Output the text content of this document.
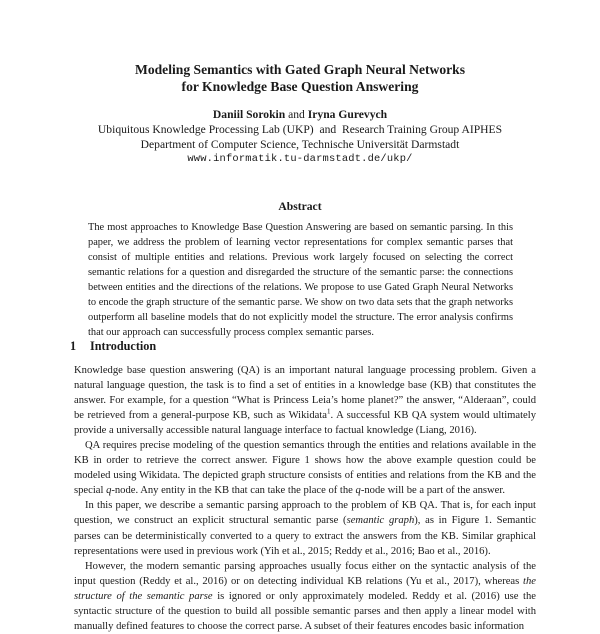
Modeling Semantics with Gated Graph Neural Networks
for Knowledge Base Question Answering
Daniil Sorokin and Iryna Gurevych
Ubiquitous Knowledge Processing Lab (UKP)  and  Research Training Group AIPHES
Department of Computer Science, Technische Universität Darmstadt
www.informatik.tu-darmstadt.de/ukp/
Abstract

The most approaches to Knowledge Base Question Answering are based on semantic parsing. In this paper, we address the problem of learning vector representations for complex semantic parses that consist of multiple entities and relations. Previous work largely focused on selecting the correct semantic relations for a question and disregarded the structure of the semantic parse: the connections between entities and the directions of the relations. We propose to use Gated Graph Neural Networks to encode the graph structure of the semantic parse. We show on two data sets that the graph networks outperform all baseline models that do not explicitly model the structure. The error analysis confirms that our approach can successfully process complex semantic parses.

1 Introduction

Knowledge base question answering (QA) is an important natural language processing problem. Given a natural language question, the task is to find a set of entities in a knowledge base (KB) that constitutes the answer. For example, for a question “What is Princess Leia’s home planet?” the answer, “Alderaan”, could be retrieved from a general-purpose KB, such as Wikidata$^1$. A successful KB QA system would ultimately provide a universally accessible natural language interface to factual knowledge (Liang, 2016).

QA requires precise modeling of the question semantics through the entities and relations available in the KB in order to retrieve the correct answer. Figure 1 shows how the above example question could be modeled using Wikidata. The depicted graph structure consists of entities and relations from the KB and the special q-node. Any entity in the KB that can take the place of the q-node will be a part of the answer.

In this paper, we describe a semantic parsing approach to the problem of KB QA. That is, for each input question, we construct an explicit structural semantic parse (semantic graph), as in Figure 1. Semantic parses can be deterministically converted to a query to extract the answers from the KB. Similar graphical representations were used in previous work (Yih et al., 2015; Reddy et al., 2016; Bao et al., 2016).

However, the modern semantic parsing approaches usually focus either on the syntactic analysis of the input question (Reddy et al., 2016) or on detecting individual KB relations (Yu et al., 2017), whereas the structure of the semantic parse is ignored or only approximately modeled. Reddy et al. (2016) use the syntactic structure of the question to build all possible semantic parses and then apply a linear model with manually defined features to choose the correct parse. A subset of their features encodes basic information
